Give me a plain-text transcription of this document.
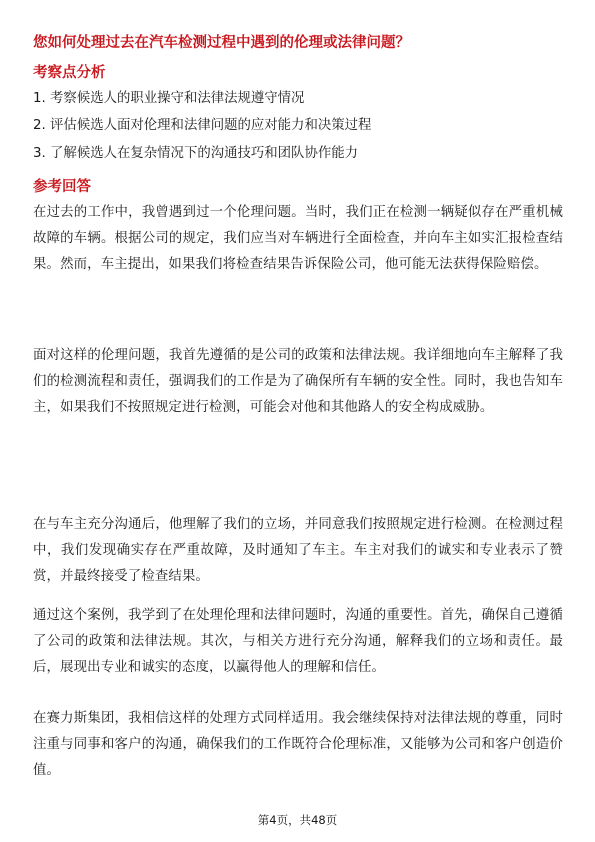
您如何处理过去在汽车检测过程中遇到的伦理或法律问题？
考察点分析
1. 考察候选人的职业操守和法律法规遵守情况
2. 评估候选人面对伦理和法律问题的应对能力和决策过程
3. 了解候选人在复杂情况下的沟通技巧和团队协作能力
参考回答
在过去的工作中，我曾遇到过一个伦理问题。当时，我们正在检测一辆疑似存在严重机械故障的车辆。根据公司的规定，我们应当对车辆进行全面检查，并向车主如实汇报检查结果。然而，车主提出，如果我们将检查结果告诉保险公司，他可能无法获得保险赔偿。
面对这样的伦理问题，我首先遵循的是公司的政策和法律法规。我详细地向车主解释了我们的检测流程和责任，强调我们的工作是为了确保所有车辆的安全性。同时，我也告知车主，如果我们不按照规定进行检测，可能会对他和其他路人的安全构成威胁。
在与车主充分沟通后，他理解了我们的立场，并同意我们按照规定进行检测。在检测过程中，我们发现确实存在严重故障，及时通知了车主。车主对我们的诚实和专业表示了赞赏，并最终接受了检查结果。
通过这个案例，我学到了在处理伦理和法律问题时，沟通的重要性。首先，确保自己遵循了公司的政策和法律法规。其次，与相关方进行充分沟通，解释我们的立场和责任。最后，展现出专业和诚实的态度，以赢得他人的理解和信任。
在赛力斯集团，我相信这样的处理方式同样适用。我会继续保持对法律法规的尊重，同时注重与同事和客户的沟通，确保我们的工作既符合伦理标准，又能够为公司和客户创造价值。
第4页，共48页
